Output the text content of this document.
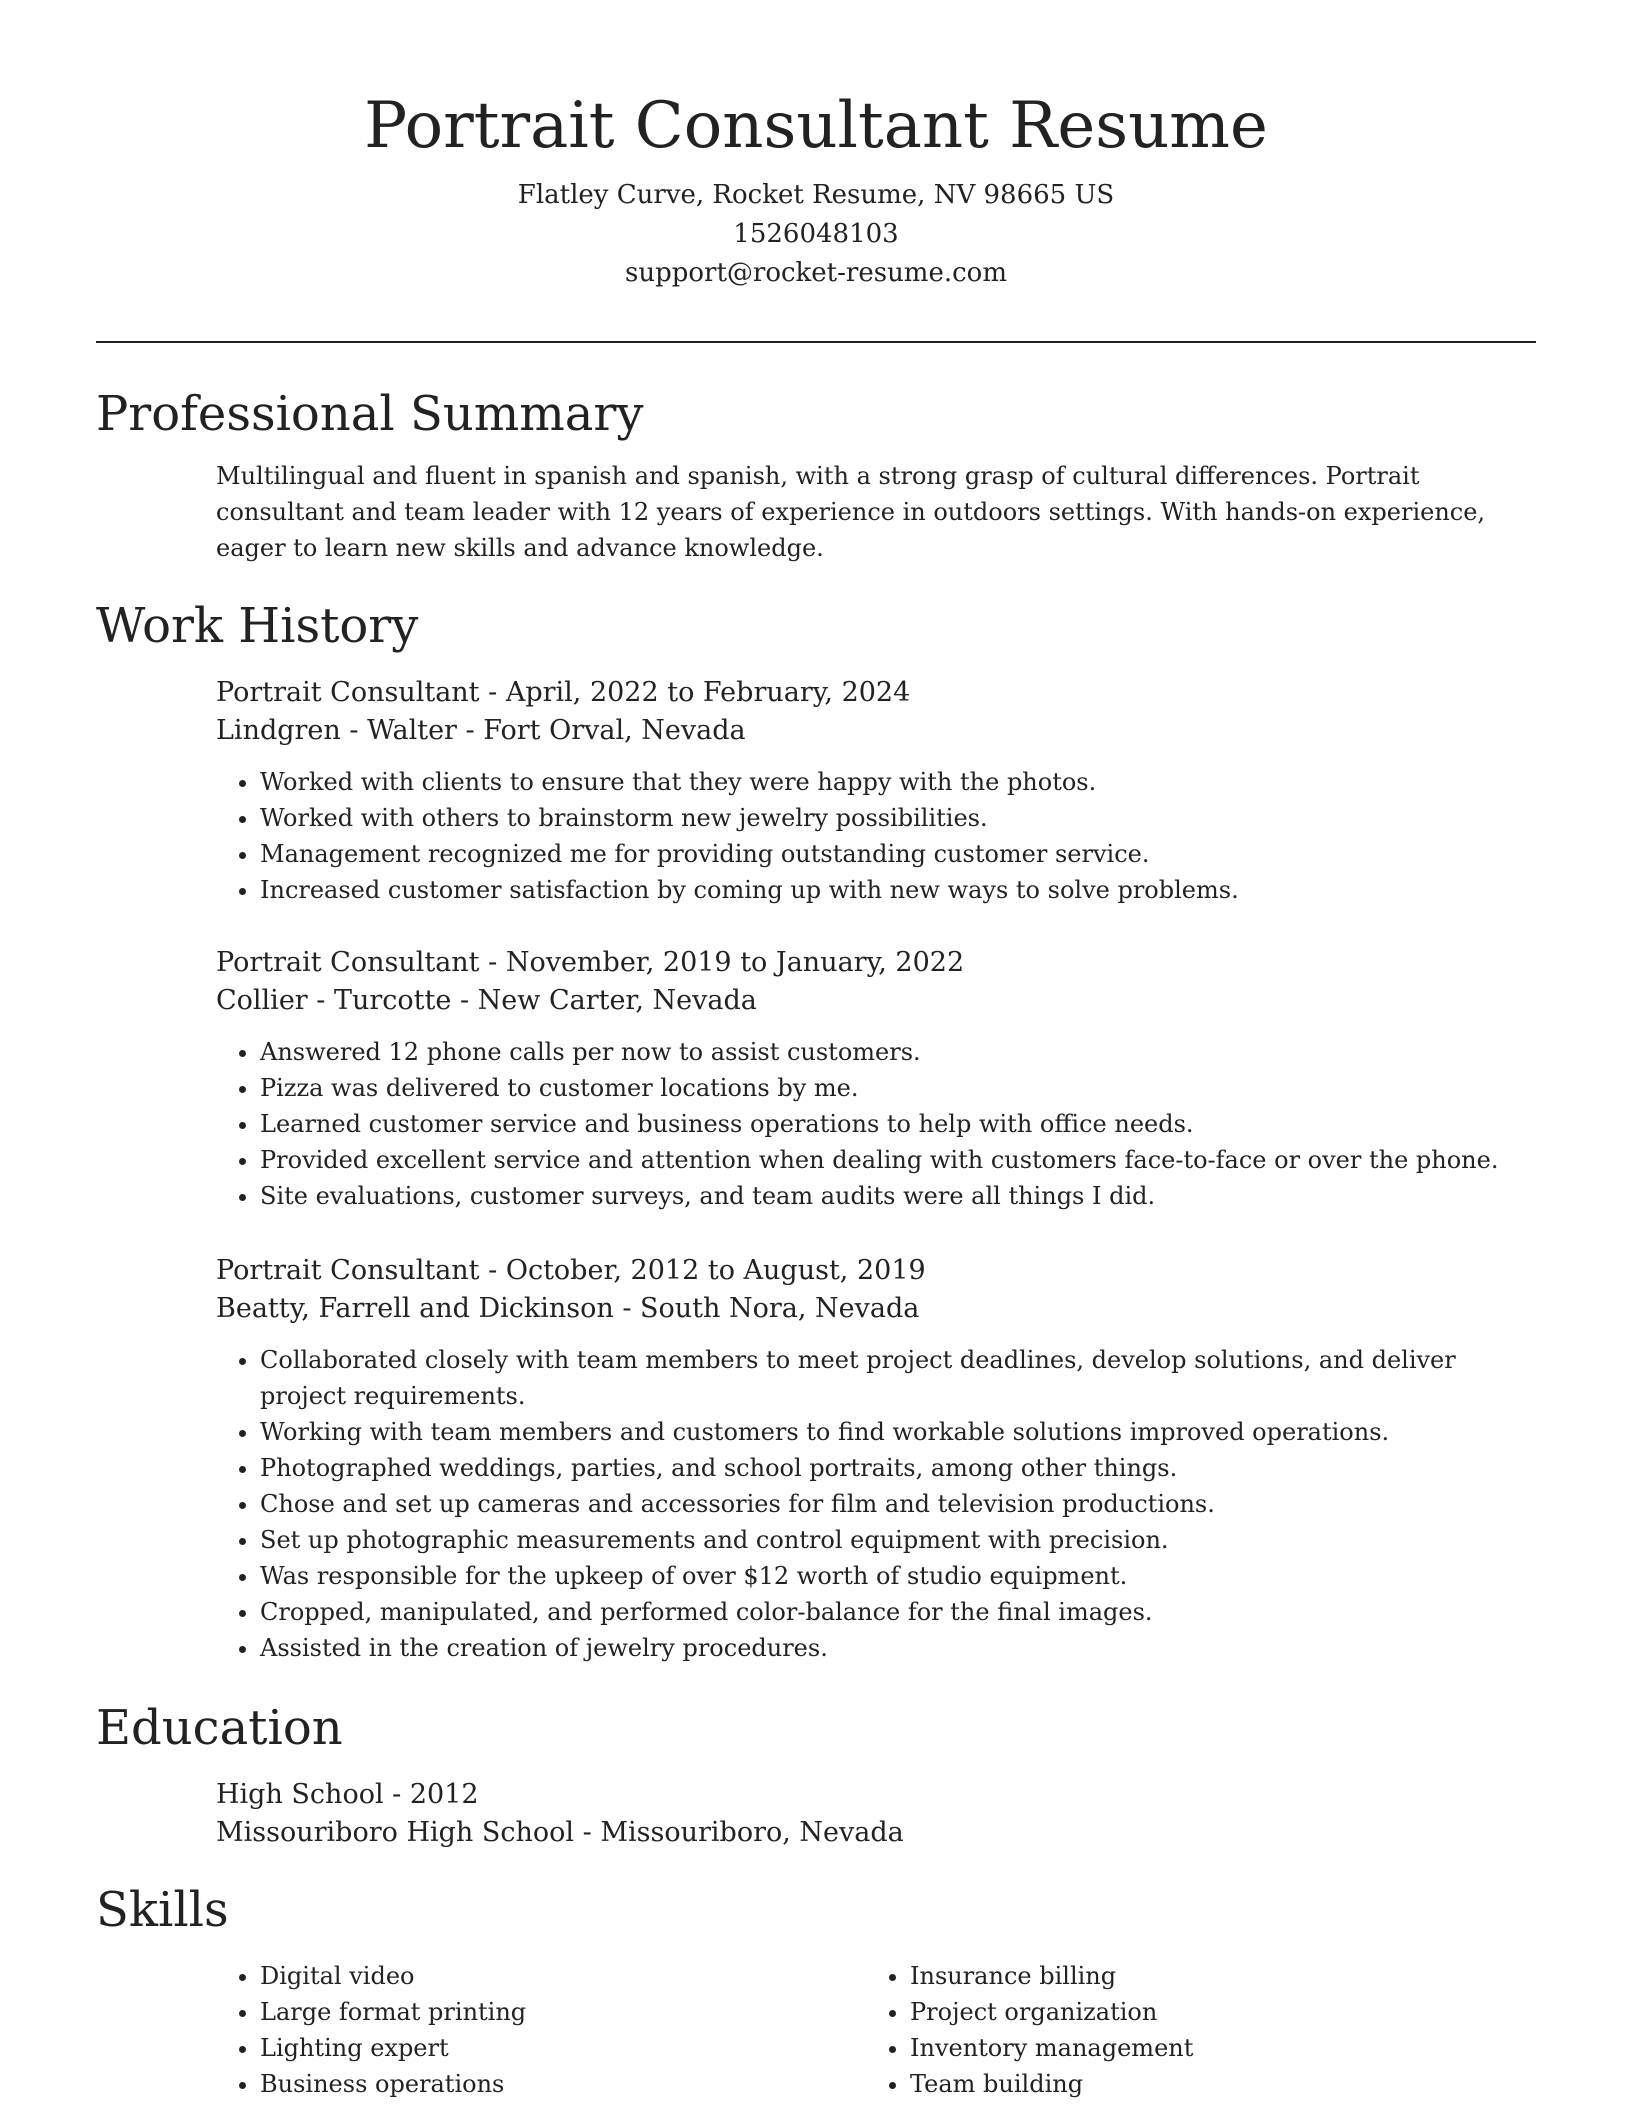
Portrait Consultant Resume
Flatley Curve, Rocket Resume, NV 98665 US
1526048103
support@rocket-resume.com
Professional Summary

Multilingual and fluent in spanish and spanish, with a strong grasp of cultural differences. Portrait consultant and team leader with 12 years of experience in outdoors settings. With hands-on experience, eager to learn new skills and advance knowledge.

Work History
Portrait Consultant - April, 2022 to February, 2024
Lindgren - Walter - Fort Orval, Nevada
• Worked with clients to ensure that they were happy with the photos.
• Worked with others to brainstorm new jewelry possibilities.
• Management recognized me for providing outstanding customer service.
• Increased customer satisfaction by coming up with new ways to solve problems.
Portrait Consultant - November, 2019 to January, 2022
Collier - Turcotte - New Carter, Nevada
• Answered 12 phone calls per now to assist customers.
• Pizza was delivered to customer locations by me.
• Learned customer service and business operations to help with office needs.
• Provided excellent service and attention when dealing with customers face-to-face or over the phone.
• Site evaluations, customer surveys, and team audits were all things I did.
Portrait Consultant - October, 2012 to August, 2019
Beatty, Farrell and Dickinson - South Nora, Nevada
• Collaborated closely with team members to meet project deadlines, develop solutions, and deliver project requirements.
• Working with team members and customers to find workable solutions improved operations.
• Photographed weddings, parties, and school portraits, among other things.
• Chose and set up cameras and accessories for film and television productions.
• Set up photographic measurements and control equipment with precision.
• Was responsible for the upkeep of over $12 worth of studio equipment.
• Cropped, manipulated, and performed color-balance for the final images.
• Assisted in the creation of jewelry procedures.
Education
High School - 2012
Missouriboro High School - Missouriboro, Nevada
Skills
• Digital video
• Large format printing
• Lighting expert
• Business operations
• Insurance billing
• Project organization
• Inventory management
• Team building
